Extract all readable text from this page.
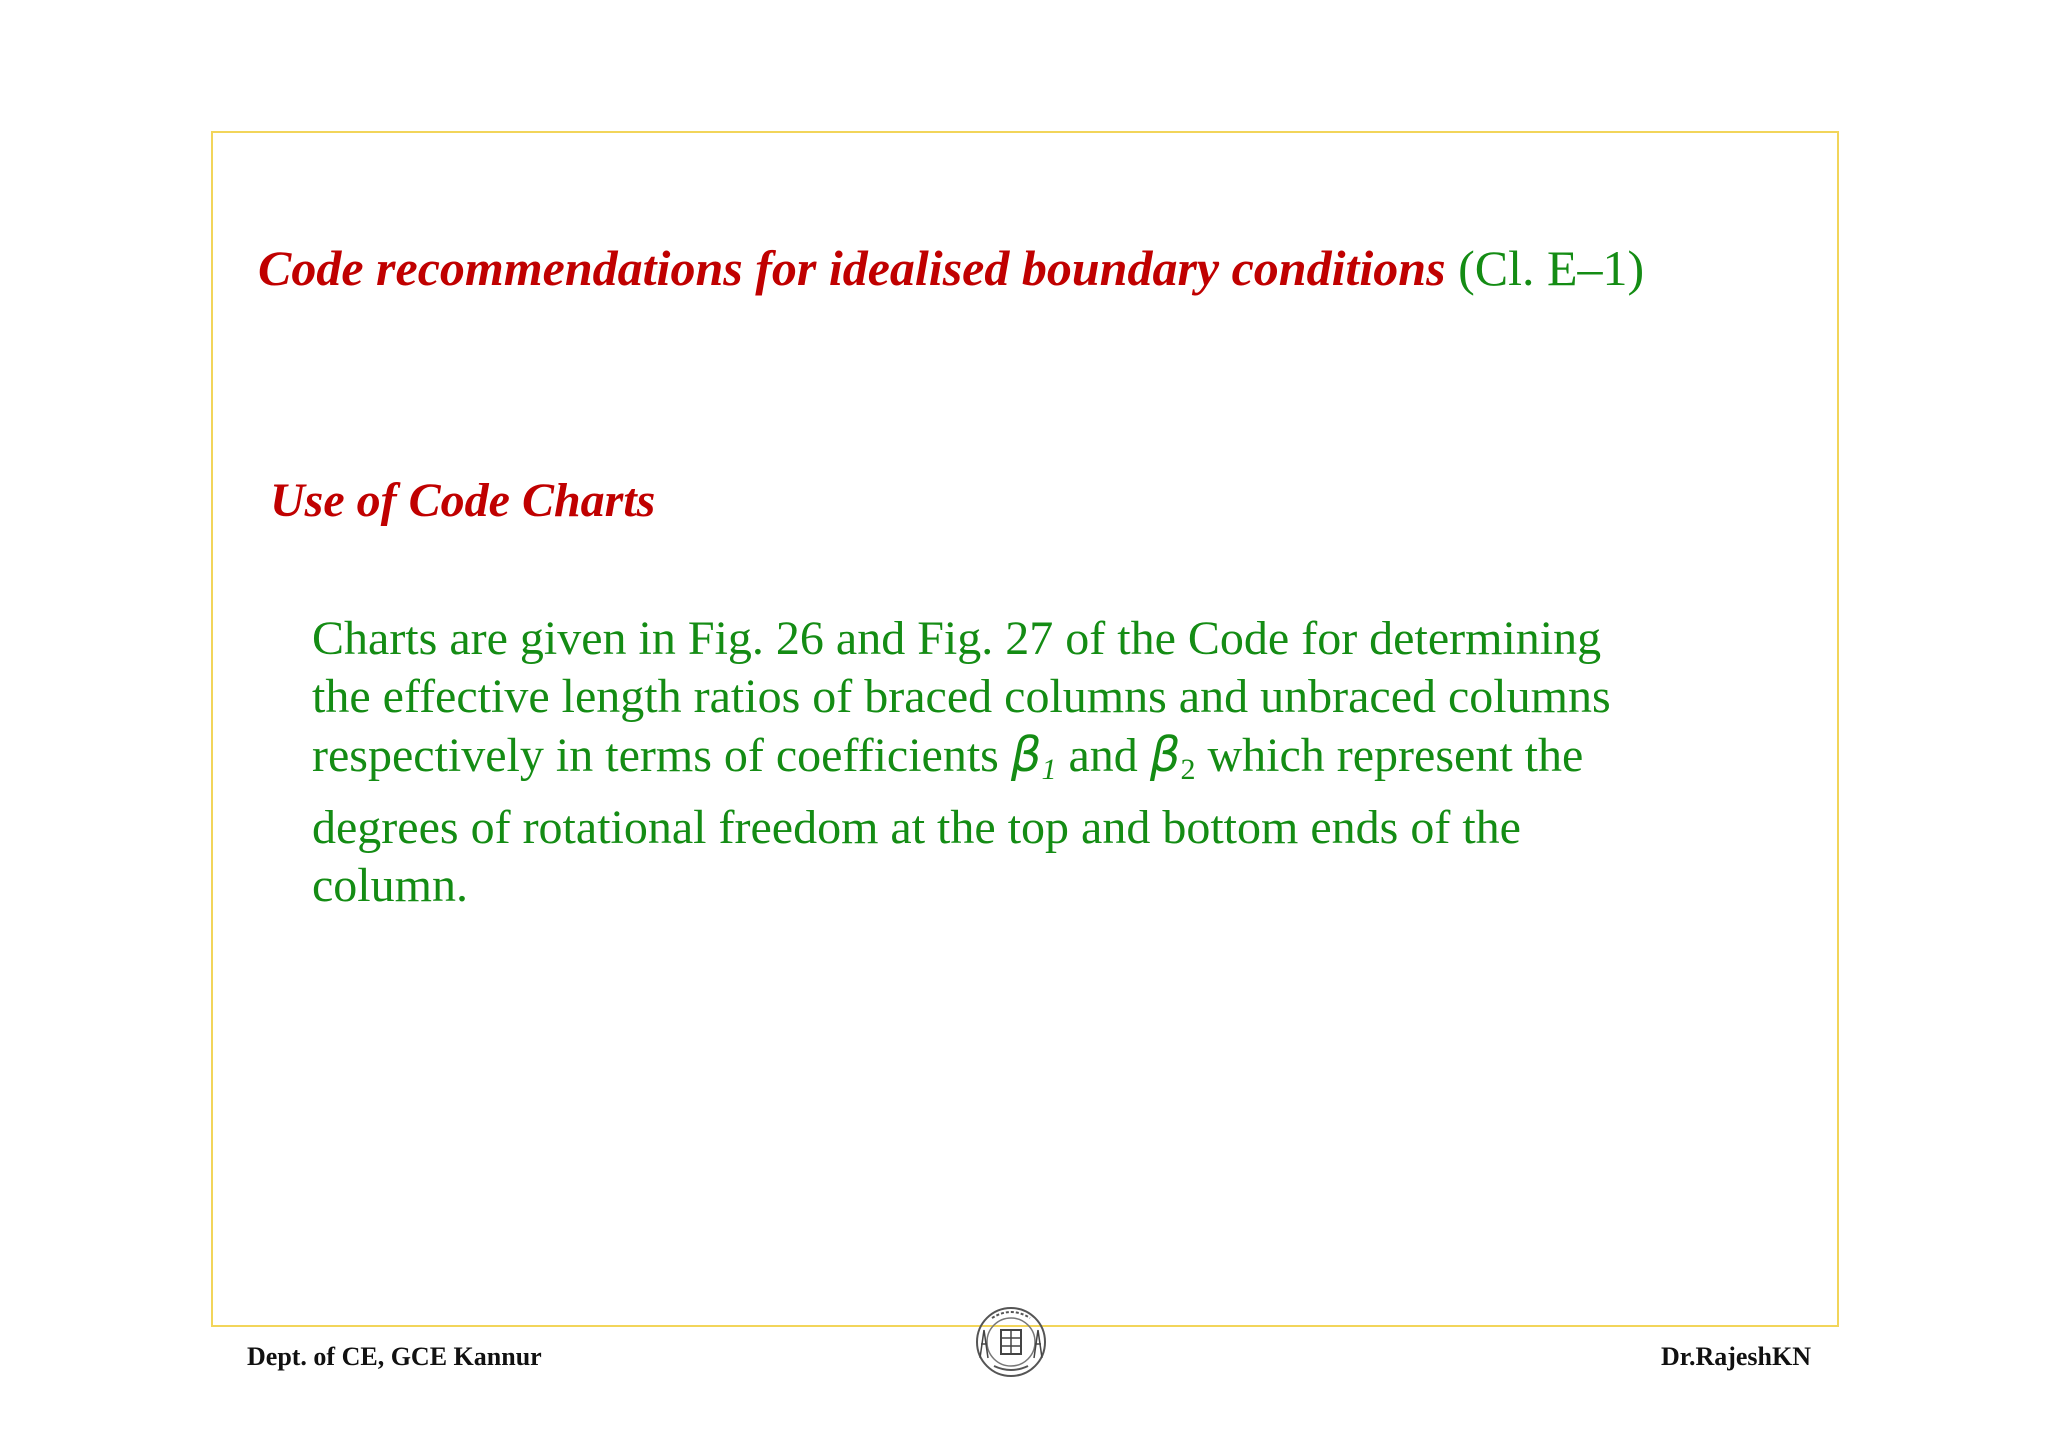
Code recommendations for idealised boundary conditions (Cl. E–1)
Use of Code Charts

Charts are given in Fig. 26 and Fig. 27 of the Code for determining
the effective length ratios of braced columns and unbraced columns
respectively in terms of coefficients $\beta_1$ and $\beta_2$ which represent the
degrees of rotational freedom at the top and bottom ends of the
column.

Dept. of CE, GCE Kannur	Dr.RajeshKN
